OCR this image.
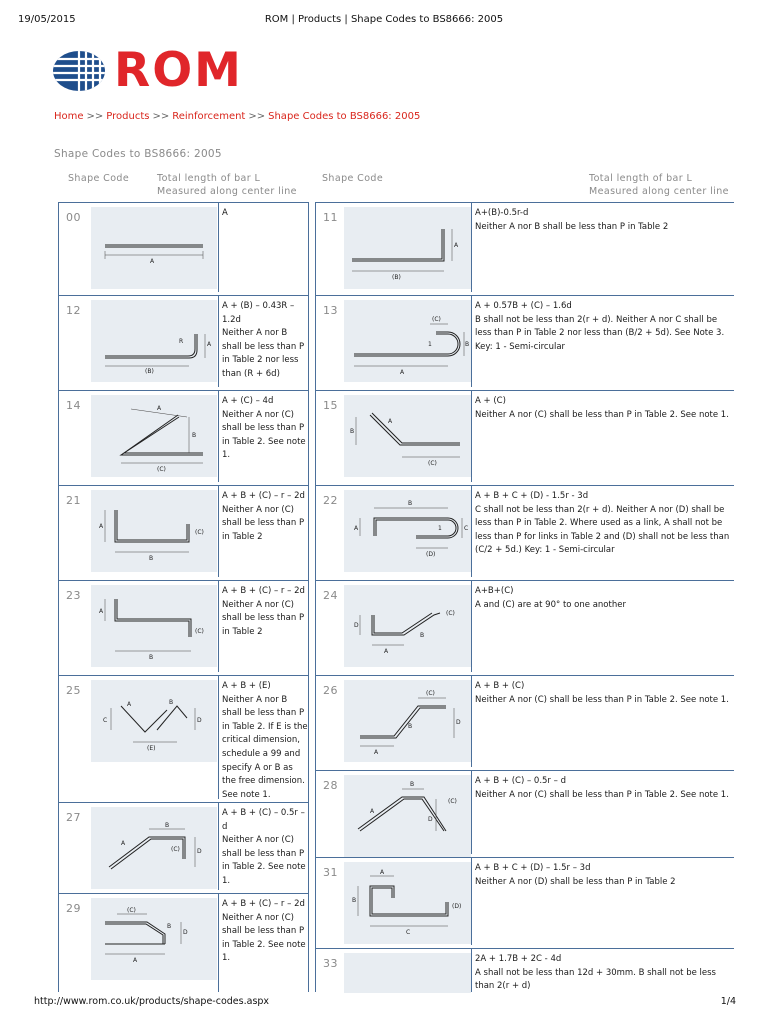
19/05/2015	ROM | Products | Shape Codes to BS8666: 2005
ROM
Home >> Products >> Reinforcement >> Shape Codes to BS8666: 2005
Shape Codes to BS8666: 2005
Shape Code	Total length of bar L
Measured along center line
Shape Code	Total length of bar L
Measured along center line
00
A
A
12
(B)
A
R
A + (B) – 0.43R – 1.2d
Neither A nor B shall be less than P in Table 2 nor less than (R + 6d)
14
(C)
A
B
A + (C) – 4d
Neither A nor (C) shall be less than P in Table 2. See note 1.
21
A
B
(C)
A + B + (C) – r – 2d
Neither A nor (C) shall be less than P in Table 2
23
A
B
(C)
A + B + (C) – r – 2d
Neither A nor (C) shall be less than P in Table 2
25
C
A	B
D
(E)
A + B + (E)
Neither A nor B shall be less than P in Table 2. If E is the critical dimension, schedule a 99 and specify A or B as the free dimension. See note 1.
27
A
B
(C)	D
A + B + (C) – 0.5r – d
Neither A nor (C) shall be less than P in Table 2. See note 1.
29	(C)
B
D
A
A + B + (C) – r – 2d
Neither A nor (C) shall be less than P in Table 2. See note 1.
11
A
(B)
A+(B)-0.5r-d
Neither A nor B shall be less than P in Table 2
13
A
(C)
B
1
A + 0.57B + (C) – 1.6d
B shall not be less than 2(r + d). Neither A nor C shall be less than P in Table 2 nor less than (B/2 + 5d). See Note 3. Key: 1 - Semi-circular
15
B
A
(C)
A + (C)
Neither A nor (C) shall be less than P in Table 2. See note 1.
22	B
A	C
(D)
1
A + B + C + (D) - 1.5r - 3d
C shall not be less than 2(r + d). Neither A nor (D) shall be less than P in Table 2. Where used as a link, A shall not be less than P for links in Table 2 and (D) shall not be less than (C/2 + 5d.) Key: 1 - Semi-circular
24
D
A
B
(C)
A+B+(C)
A and (C) are at 90° to one another
26
A
B
(C)
D
A + B + (C)
Neither A nor (C) shall be less than P in Table 2. See note 1.
28
A
B
(C)
D
A + B + (C) – 0.5r – d
Neither A nor (C) shall be less than P in Table 2. See note 1.
31	A
B
C
(D)
A + B + C + (D) – 1.5r – 3d
Neither A nor (D) shall be less than P in Table 2
33	2A + 1.7B + 2C - 4d
A shall not be less than 12d + 30mm. B shall not be less than 2(r + d)
http://www.rom.co.uk/products/shape-codes.aspx	1/4
